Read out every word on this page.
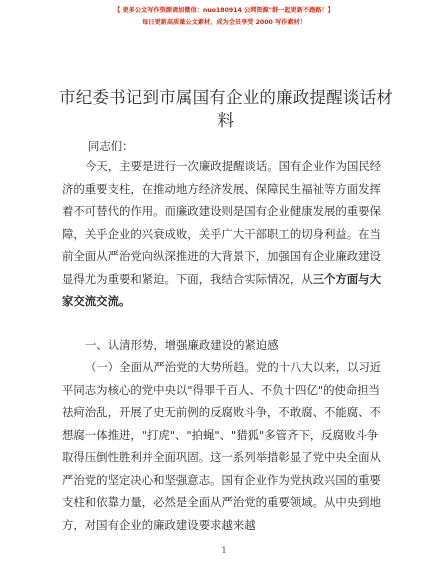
【 更多公文写作资源请加微信：nuo180914 公网资源"群一起更新不跑路！】
每日更新高质量公文素材，成为会员享受 2000 写作素材！
市纪委书记到市属国有企业的廉政提醒谈话材料
同志们：
今天，主要是进行一次廉政提醒谈话。国有企业作为国民经济的重要支柱，在推动地方经济发展、保障民生福祉等方面发挥着不可替代的作用。而廉政建设则是国有企业健康发展的重要保障，关乎企业的兴衰成败，关乎广大干部职工的切身利益。在当前全面从严治党向纵深推进的大背景下，加强国有企业廉政建设显得尤为重要和紧迫。下面，我结合实际情况，从三个方面与大家交流交流。
一、认清形势，增强廉政建设的紧迫感
（一）全面从严治党的大势所趋。党的十八大以来，以习近平同志为核心的党中央以"得罪千百人、不负十四亿"的使命担当祛疴治乱，开展了史无前例的反腐败斗争，不敢腐、不能腐、不想腐一体推进，"打虎"、"拍蝇"、"猎狐"多管齐下，反腐败斗争取得压倒性胜利并全面巩固。这一系列举措彰显了党中央全面从严治党的坚定决心和坚强意志。国有企业作为党执政兴国的重要支柱和依靠力量，必然是全面从严治党的重要领域。从中央到地方，对国有企业的廉政建设要求越来越
1
